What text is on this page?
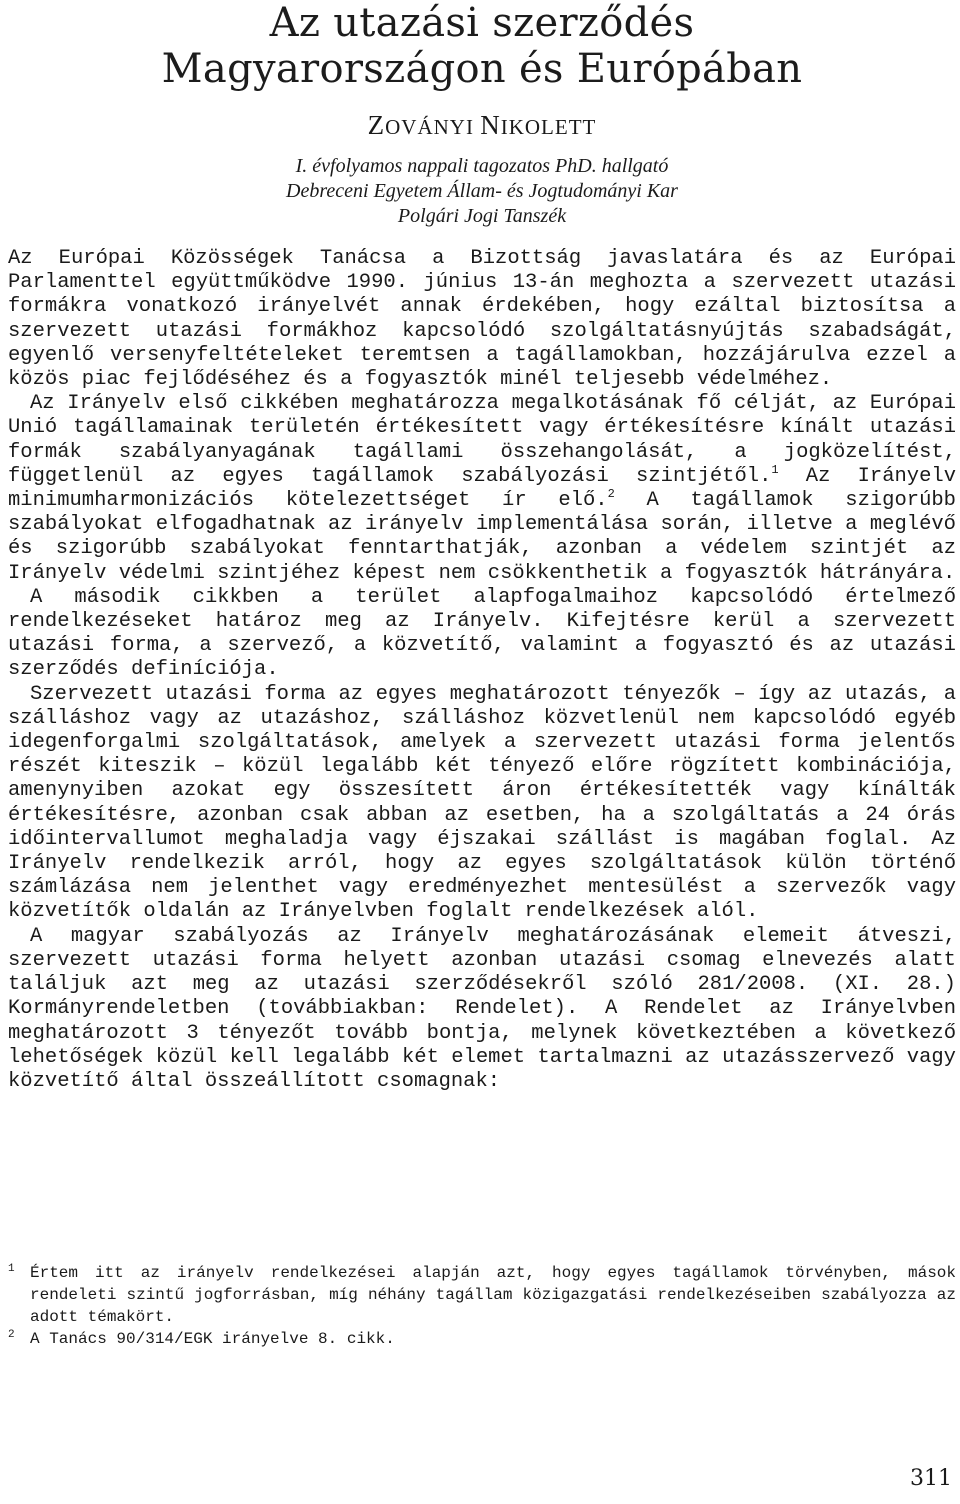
Az utazási szerződés
Magyarországon és Európában
ZOVÁNYI NIKOLETT
I. évfolyamos nappali tagozatos PhD. hallgató
Debreceni Egyetem Állam- és Jogtudományi Kar
Polgári Jogi Tanszék

Az Európai Közösségek Tanácsa a Bizottság javaslatára és az Európai Parlamenttel együttműködve 1990. június 13-án meghozta a szervezett utazási formákra vonatkozó irányelvét annak érdekében, hogy ezáltal biztosítsa a szervezett utazási formákhoz kapcsolódó szolgáltatásnyújtás szabadságát, egyenlő versenyfeltételeket teremtsen a tagállamokban, hozzájárulva ezzel a közös piac fejlődéséhez és a fogyasztók minél teljesebb védelméhez.

Az Irányelv első cikkében meghatározza megalkotásának fő célját, az Európai Unió tagállamainak területén értékesített vagy értékesítésre kínált utazási formák szabályanyagának tagállami összehangolását, a jogközelítést, függetlenül az egyes tagállamok szabályozási szintjétől.$^1$ Az Irányelv minimumharmonizációs kötelezettséget ír elő.$^2$ A tagállamok szigorúbb szabályokat elfogadhatnak az irányelv implementálása során, illetve a meglévő és szigorúbb szabályokat fenntarthatják, azonban a védelem szintjét az Irányelv védelmi szintjéhez képest nem csökkenthetik a fogyasztók hátrányára.

A második cikkben a terület alapfogalmaihoz kapcsolódó értelmező rendelkezéseket határoz meg az Irányelv. Kifejtésre kerül a szervezett utazási forma, a szervező, a közvetítő, valamint a fogyasztó és az utazási szerződés definíciója.

Szervezett utazási forma az egyes meghatározott tényezők – így az utazás, a szálláshoz vagy az utazáshoz, szálláshoz közvetlenül nem kapcsolódó egyéb idegenforgalmi szolgáltatások, amelyek a szervezett utazási forma jelentős részét kiteszik – közül legalább két tényező előre rögzített kombinációja, amenynyiben azokat egy összesített áron értékesítették vagy kínálták értékesítésre, azonban csak abban az esetben, ha a szolgáltatás a 24 órás időintervallumot meghaladja vagy éjszakai szállást is magában foglal. Az Irányelv rendelkezik arról, hogy az egyes szolgáltatások külön történő számlázása nem jelenthet vagy eredményezhet mentesülést a szervezők vagy közvetítők oldalán az Irányelvben foglalt rendelkezések alól.

A magyar szabályozás az Irányelv meghatározásának elemeit átveszi, szervezett utazási forma helyett azonban utazási csomag elnevezés alatt találjuk azt meg az utazási szerződésekről szóló 281/2008. (XI. 28.) Kormányrendeletben (továbbiakban: Rendelet). A Rendelet az Irányelvben meghatározott 3 tényezőt tovább bontja, melynek következtében a következő lehetőségek közül kell legalább két elemet tartalmazni az utazásszervező vagy közvetítő által összeállított csomagnak:

1 Értem itt az irányelv rendelkezései alapján azt, hogy egyes tagállamok törvényben, mások rendeleti szintű jogforrásban, míg néhány tagállam közigazgatási rendelkezéseiben szabályozza az adott témakört.
2 A Tanács 90/314/EGK irányelve 8. cikk.
311
